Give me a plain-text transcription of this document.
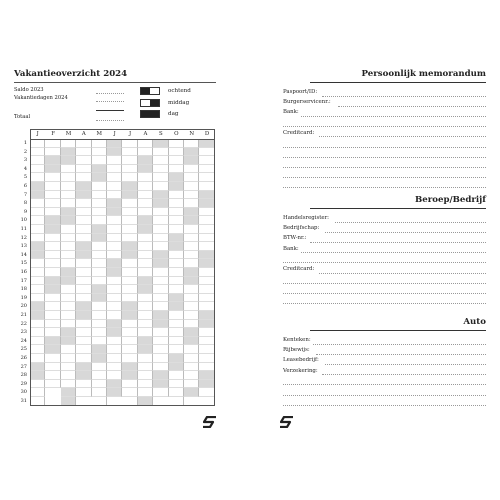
Vakantieoverzicht 2024
Saldo 2023
Vakantiedagen 2024
Totaal
ochtend
middag
dag
J	F	M	A	M	J	J	A	S	O	N	D
1
2
3
4
5
6
7
8
9
10
11
12
13
14
15
16
17
18
19
20
21
22
23
24
25
26
27
28
29
30
31
Persoonlijk memorandum
Paspoort/ID:
Burgerservicenr.:
Bank:
Creditcard:
Beroep/Bedrijf
Handelsregister:
Bedrijfschap:
BTW-nr.:
Bank:
Creditcard:
Auto
Kenteken:
Rijbewijs:
Leasebedrijf:
Verzekering:
